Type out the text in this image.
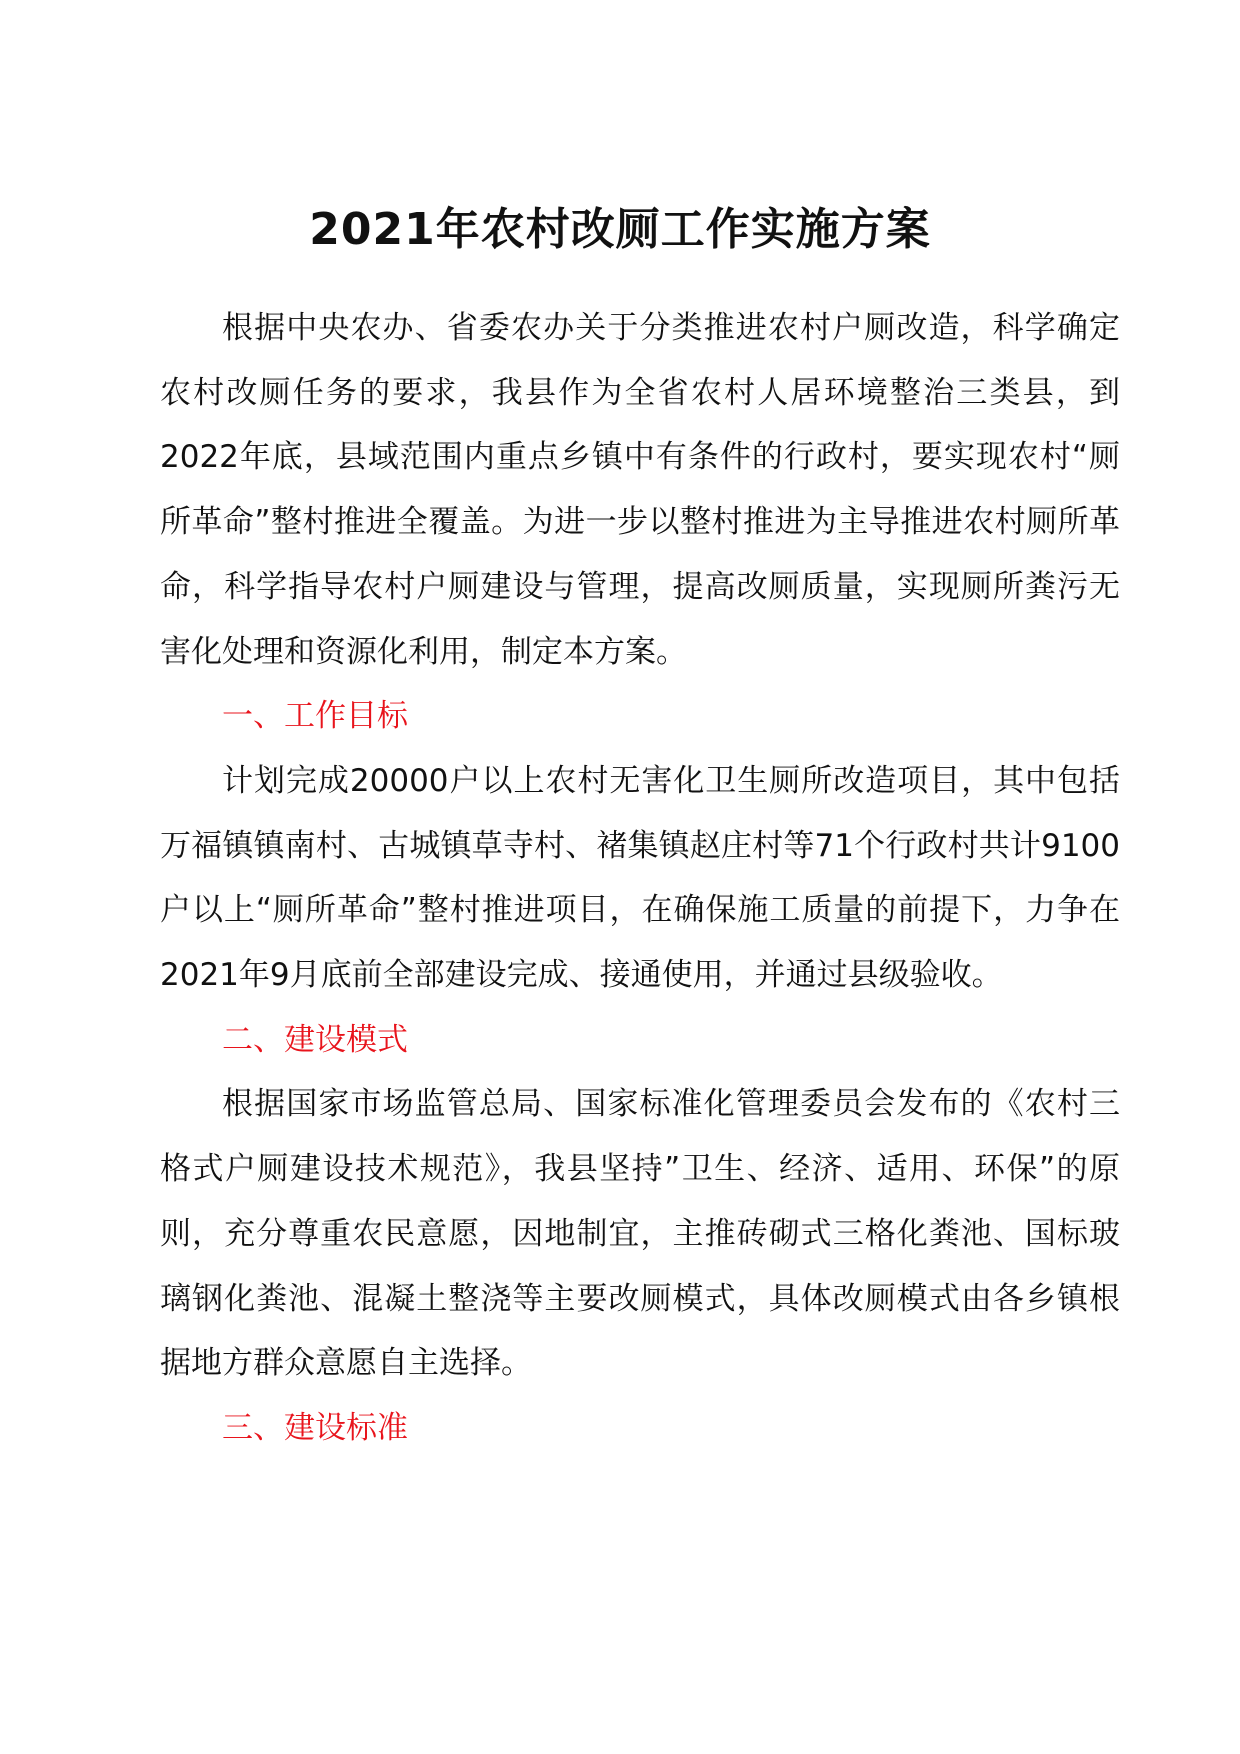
2021年农村改厕工作实施方案

根据中央农办、省委农办关于分类推进农村户厕改造，科学确定农村改厕任务的要求，我县作为全省农村人居环境整治三类县，到2022年底，县域范围内重点乡镇中有条件的行政村，要实现农村“厕所革命”整村推进全覆盖。为进一步以整村推进为主导推进农村厕所革命，科学指导农村户厕建设与管理，提高改厕质量，实现厕所粪污无害化处理和资源化利用，制定本方案。

一、工作目标

计划完成20000户以上农村无害化卫生厕所改造项目，其中包括万福镇镇南村、古城镇草寺村、褚集镇赵庄村等71个行政村共计9100户以上“厕所革命”整村推进项目，在确保施工质量的前提下，力争在2021年9月底前全部建设完成、接通使用，并通过县级验收。

二、建设模式

根据国家市场监管总局、国家标准化管理委员会发布的《农村三格式户厕建设技术规范》，我县坚持”卫生、经济、适用、环保”的原则，充分尊重农民意愿，因地制宜，主推砖砌式三格化粪池、国标玻璃钢化粪池、混凝土整浇等主要改厕模式，具体改厕模式由各乡镇根据地方群众意愿自主选择。

三、建设标准
